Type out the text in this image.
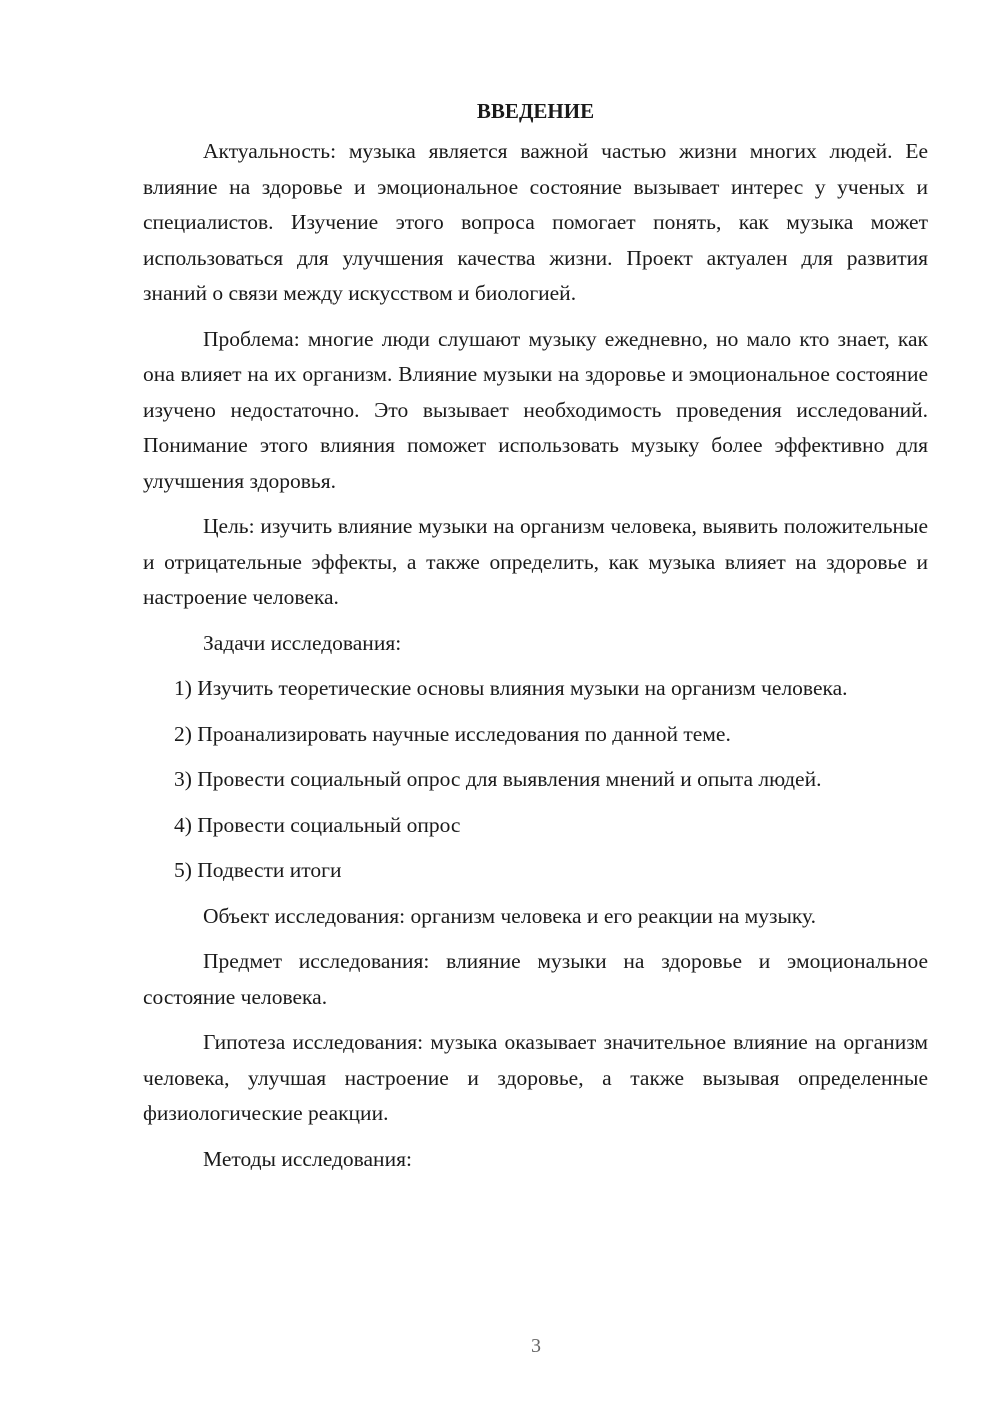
ВВЕДЕНИЕ

Актуальность: музыка является важной частью жизни многих людей. Ее влияние на здоровье и эмоциональное состояние вызывает интерес у ученых и специалистов. Изучение этого вопроса помогает понять, как музыка может использоваться для улучшения качества жизни. Проект актуален для развития знаний о связи между искусством и биологией.

Проблема: многие люди слушают музыку ежедневно, но мало кто знает, как она влияет на их организм. Влияние музыки на здоровье и эмоциональное состояние изучено недостаточно. Это вызывает необходимость проведения исследований. Понимание этого влияния поможет использовать музыку более эффективно для улучшения здоровья.

Цель: изучить влияние музыки на организм человека, выявить положительные и отрицательные эффекты, а также определить, как музыка влияет на здоровье и настроение человека.

Задачи исследования:

1) Изучить теоретические основы влияния музыки на организм человека.

2) Проанализировать научные исследования по данной теме.

3) Провести социальный опрос для выявления мнений и опыта людей.

4) Провести социальный опрос

5) Подвести итоги

Объект исследования: организм человека и его реакции на музыку.

Предмет исследования: влияние музыки на здоровье и эмоциональное состояние человека.

Гипотеза исследования: музыка оказывает значительное влияние на организм человека, улучшая настроение и здоровье, а также вызывая определенные физиологические реакции.

Методы исследования:

3
